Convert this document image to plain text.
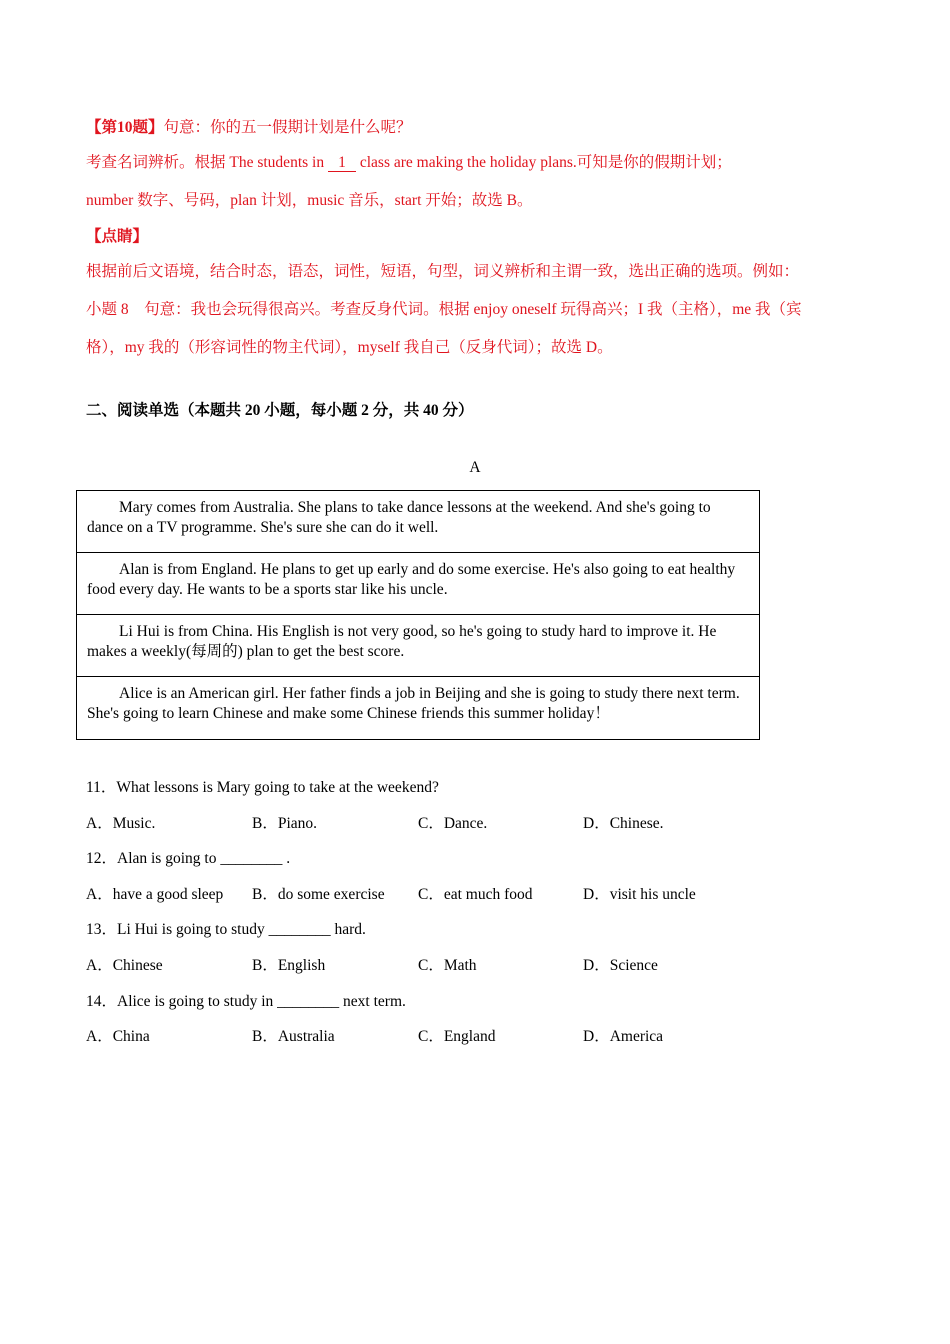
【第10题】句意：你的五一假期计划是什么呢？
考查名词辨析。根据 The students in 1 class are making the holiday plans.可知是你的假期计划；
number 数字、号码，plan 计划，music 音乐，start 开始；故选 B。
【点睛】
根据前后文语境，结合时态，语态，词性，短语，句型，词义辨析和主谓一致，选出正确的选项。例如：
小题 8　句意：我也会玩得很高兴。考查反身代词。根据 enjoy oneself 玩得高兴；I 我（主格），me 我（宾
格），my 我的（形容词性的物主代词），myself 我自己（反身代词）；故选 D。
二、阅读单选（本题共 20 小题，每小题 2 分，共 40 分）
A
Mary comes from Australia. She plans to take dance lessons at the weekend. And she's going to dance on a TV programme. She's sure she can do it well.
Alan is from England. He plans to get up early and do some exercise. He's also going to eat healthy food every day. He wants to be a sports star like his uncle.
Li Hui is from China. His English is not very good, so he's going to study hard to improve it. He makes a weekly(每周的) plan to get the best score.
Alice is an American girl. Her father finds a job in Beijing and she is going to study there next term. She's going to learn Chinese and make some Chinese friends this summer holiday！
11．What lessons is Mary going to take at the weekend?
A．Music.	B．Piano.	C．Dance.	D．Chinese.
12．Alan is going to ________ .
A．have a good sleep B．do some exercise C．eat much food	D．visit his uncle
13．Li Hui is going to study ________ hard.
A．Chinese	B．English	C．Math	D．Science
14．Alice is going to study in ________ next term.
A．China	B．Australia	C．England	D．America
